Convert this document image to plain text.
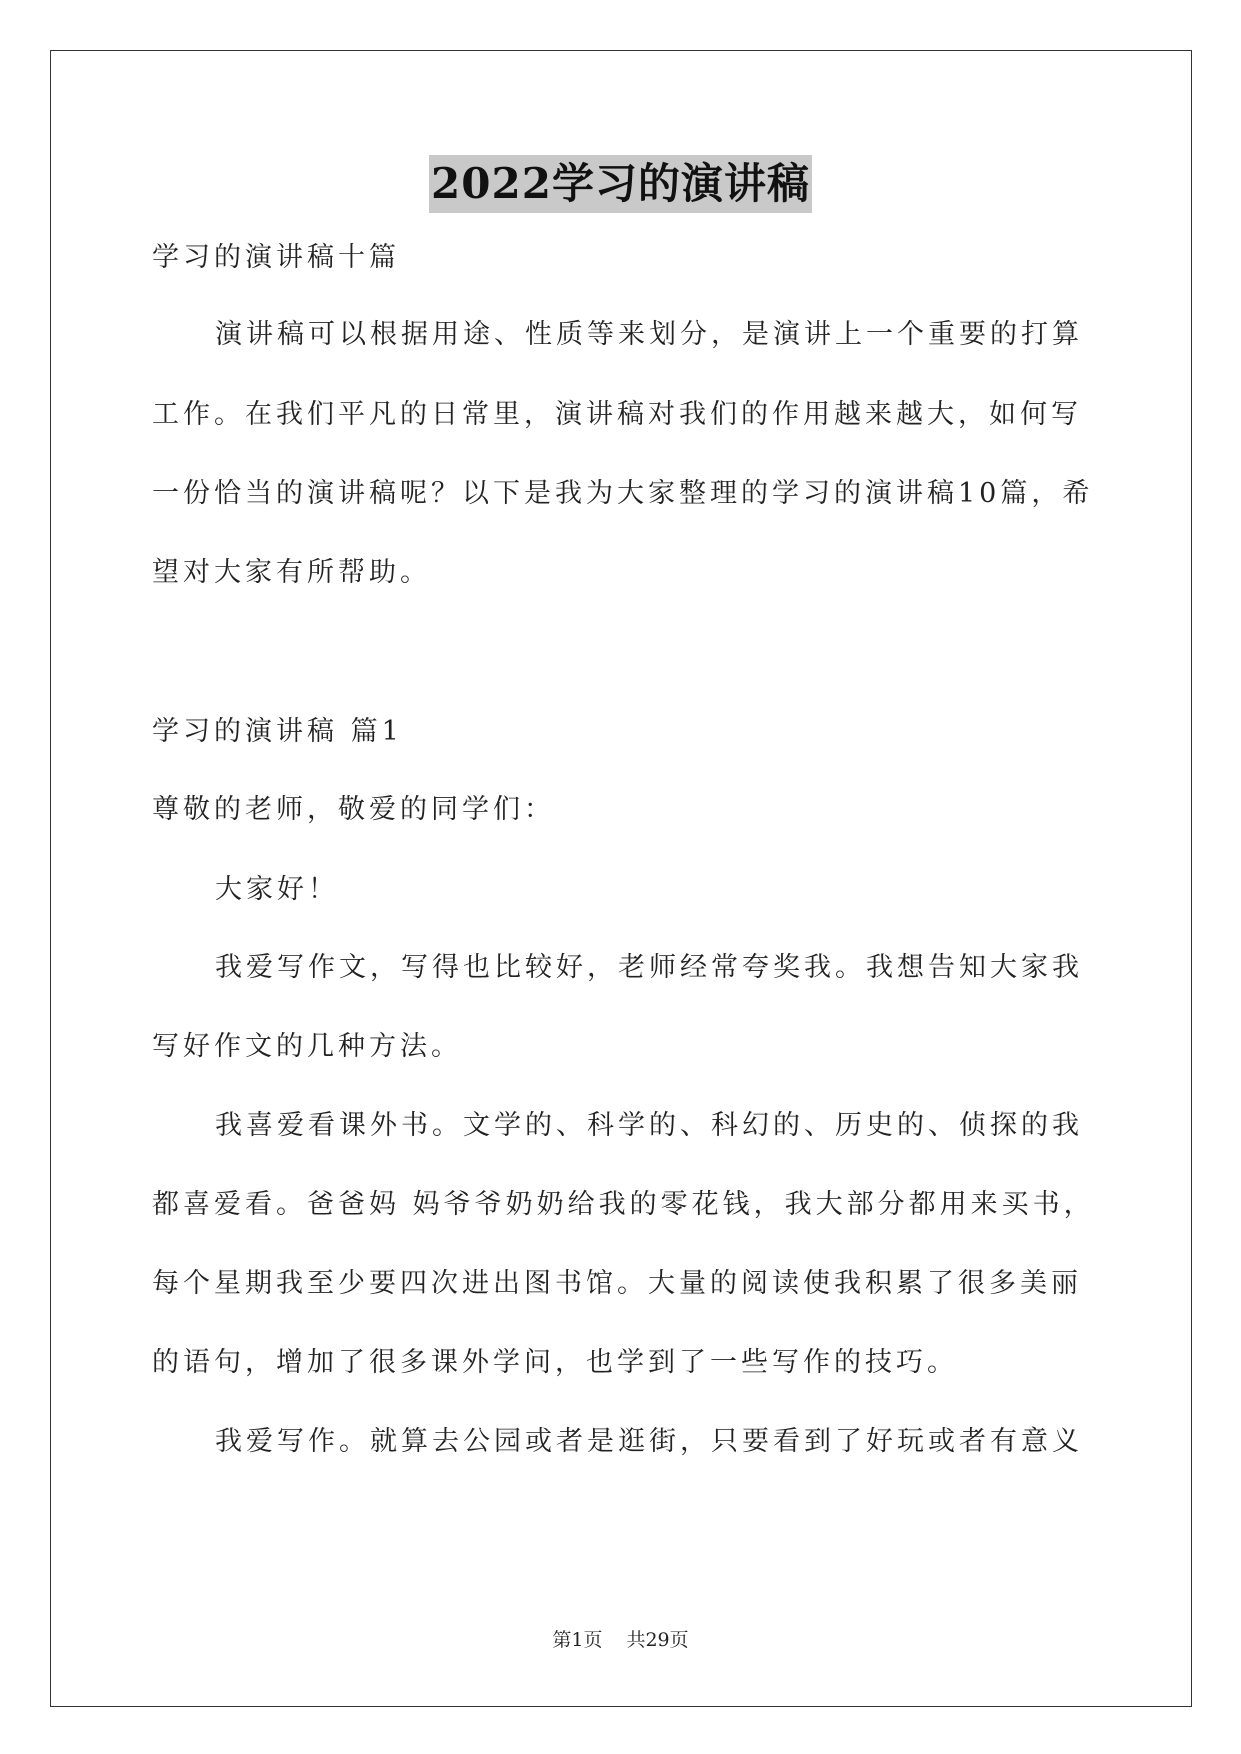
2022学习的演讲稿
学习的演讲稿十篇
演讲稿可以根据用途、性质等来划分，是演讲上一个重要的打算
工作。在我们平凡的日常里，演讲稿对我们的作用越来越大，如何写
一份恰当的演讲稿呢？以下是我为大家整理的学习的演讲稿10篇，希
望对大家有所帮助。
学习的演讲稿 篇1
尊敬的老师，敬爱的同学们：
大家好！
我爱写作文，写得也比较好，老师经常夸奖我。我想告知大家我
写好作文的几种方法。
我喜爱看课外书。文学的、科学的、科幻的、历史的、侦探的我
都喜爱看。爸爸妈 妈爷爷奶奶给我的零花钱，我大部分都用来买书，
每个星期我至少要四次进出图书馆。大量的阅读使我积累了很多美丽
的语句，增加了很多课外学问，也学到了一些写作的技巧。
我爱写作。就算去公园或者是逛街，只要看到了好玩或者有意义
第1页 共29页
